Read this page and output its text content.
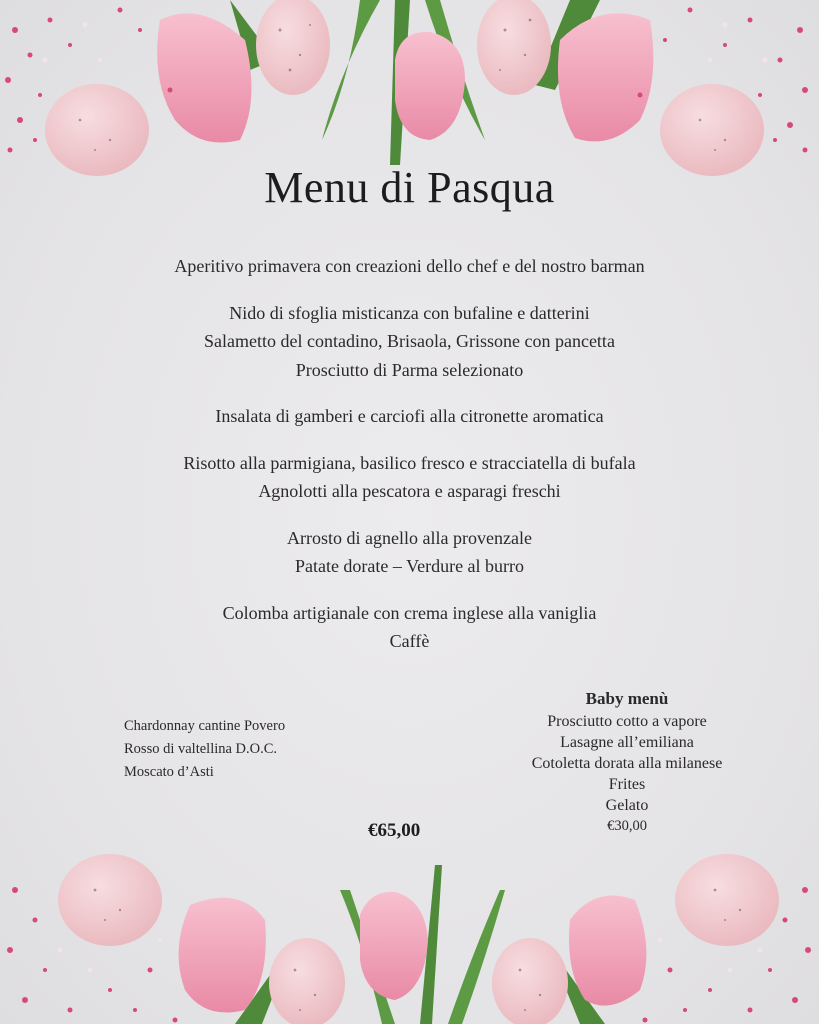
Menu di Pasqua
Aperitivo primavera con creazioni dello chef e del nostro barman
Nido di sfoglia misticanza con bufaline e datterini
Salametto del contadino, Brisaola, Grissone con pancetta
Prosciutto di Parma selezionato
Insalata di gamberi e carciofi alla citronette aromatica
Risotto alla parmigiana, basilico fresco e stracciatella di bufala
Agnolotti alla pescatora e asparagi freschi
Arrosto di agnello alla provenzale
Patate dorate – Verdure al burro
Colomba artigianale con crema inglese alla vaniglia
Caffè
Chardonnay cantine Povero
Rosso di valtellina D.O.C.
Moscato d’Asti
€65,00
Baby menù
Prosciutto cotto a vapore
Lasagne all’emiliana
Cotoletta dorata alla milanese
Frites
Gelato
€30,00
